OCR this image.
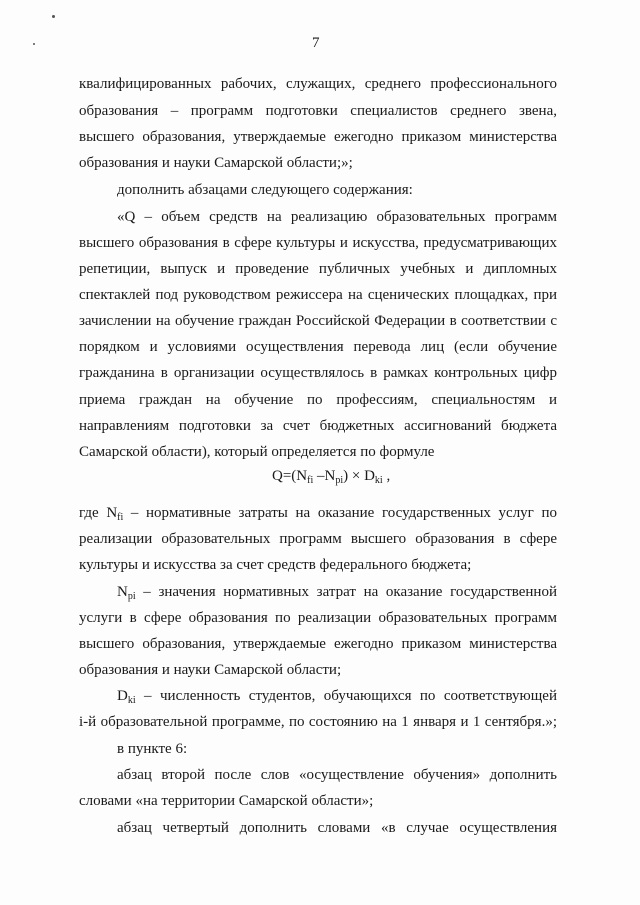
7
квалифицированных рабочих, служащих, среднего профессионального
образования – программ подготовки специалистов среднего звена,
высшего образования, утверждаемые ежегодно приказом министерства
образования и науки Самарской области;»;
дополнить абзацами следующего содержания:
«Q – объем средств на реализацию образовательных программ
высшего образования в сфере культуры и искусства, предусматривающих
репетиции, выпуск и проведение публичных учебных и дипломных
спектаклей под руководством режиссера на сценических площадках, при
зачислении на обучение граждан Российской Федерации в соответствии с
порядком и условиями осуществления перевода лиц (если обучение
гражданина в организации осуществлялось в рамках контрольных цифр
приема граждан на обучение по профессиям, специальностям и
направлениям подготовки за счет бюджетных ассигнований бюджета
Самарской области), который определяется по формуле
$Q=(N_{fi}$ $-N_{pi}) \times D_{ki}$ ,
где $N_{fi}$ – нормативные затраты на оказание государственных услуг по
реализации образовательных программ высшего образования в сфере
культуры и искусства за счет средств федерального бюджета;
$N_{pi}$ – значения нормативных затрат на оказание государственной
услуги в сфере образования по реализации образовательных программ
высшего образования, утверждаемые ежегодно приказом министерства
образования и науки Самарской области;
$D_{ki}$ – численность студентов, обучающихся по соответствующей
i-й образовательной программе, по состоянию на 1 января и 1 сентября.»;
в пункте 6:
абзац второй после слов «осуществление обучения» дополнить
словами «на территории Самарской области»;
абзац четвертый дополнить словами «в случае осуществления
